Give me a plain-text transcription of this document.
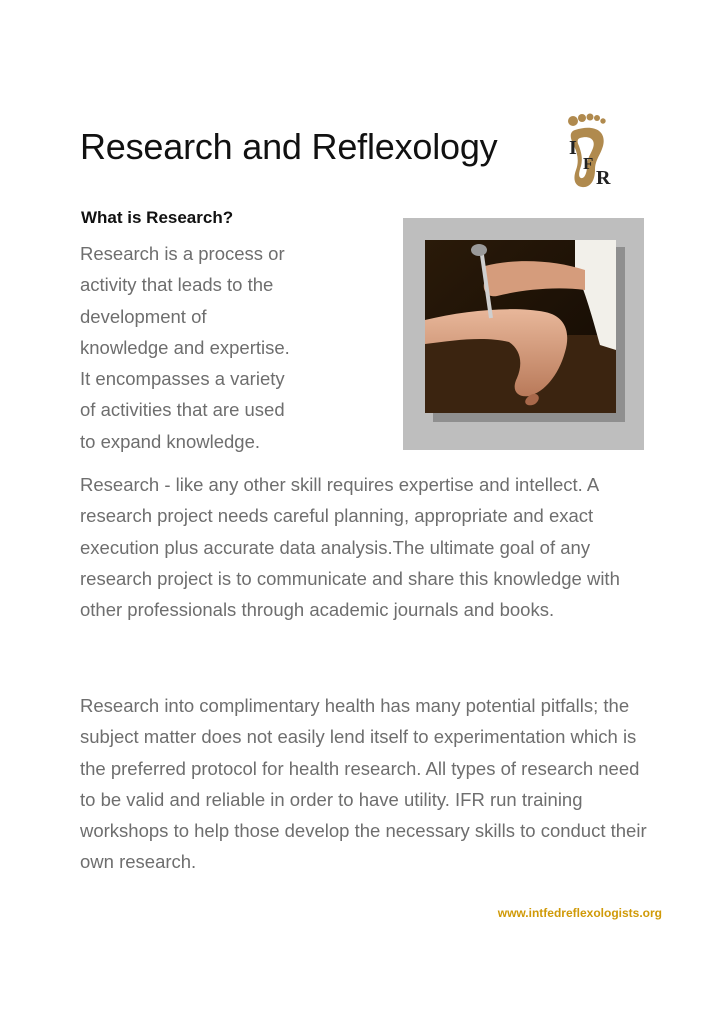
Research and Reflexology	I
F
R
What is Research?

Research is a process or
activity that leads to the
development of
knowledge and expertise.
It encompasses a variety
of activities that are used
to expand knowledge.

Research - like any other skill requires expertise and intellect. A research project needs careful planning, appropriate and exact execution plus accurate data analysis.The ultimate goal of any research project is to communicate and share this knowledge with other professionals through academic journals and books.

Research into complimentary health has many potential pitfalls; the subject matter does not easily lend itself to experimentation which is the preferred protocol for health research. All types of research need to be valid and reliable in order to have utility. IFR run training workshops to help those develop the necessary skills to conduct their own research.

www.intfedreflexologists.org
